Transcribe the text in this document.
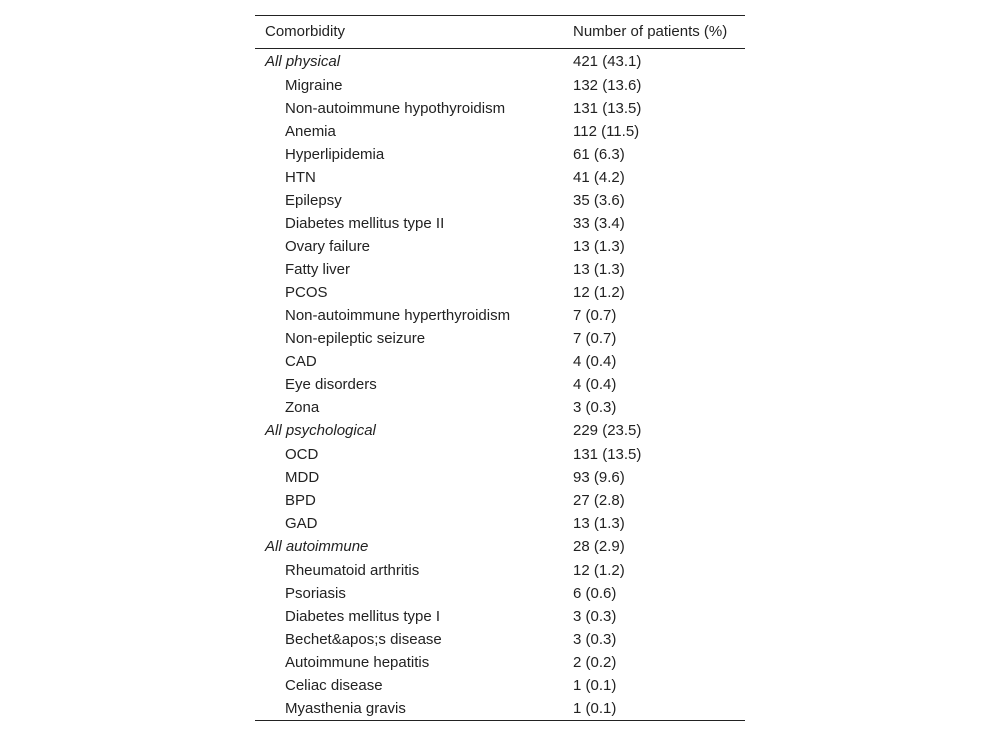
Comorbidity	Number of patients (%)
All physical	421 (43.1)
Migraine	132 (13.6)
Non-autoimmune hypothyroidism	131 (13.5)
Anemia	112 (11.5)
Hyperlipidemia	61 (6.3)
HTN	41 (4.2)
Epilepsy	35 (3.6)
Diabetes mellitus type II	33 (3.4)
Ovary failure	13 (1.3)
Fatty liver	13 (1.3)
PCOS	12 (1.2)
Non-autoimmune hyperthyroidism	7 (0.7)
Non-epileptic seizure	7 (0.7)
CAD	4 (0.4)
Eye disorders	4 (0.4)
Zona	3 (0.3)
All psychological	229 (23.5)
OCD	131 (13.5)
MDD	93 (9.6)
BPD	27 (2.8)
GAD	13 (1.3)
All autoimmune	28 (2.9)
Rheumatoid arthritis	12 (1.2)
Psoriasis	6 (0.6)
Diabetes mellitus type I	3 (0.3)
Bechet&apos;s disease	3 (0.3)
Autoimmune hepatitis	2 (0.2)
Celiac disease	1 (0.1)
Myasthenia gravis	1 (0.1)
